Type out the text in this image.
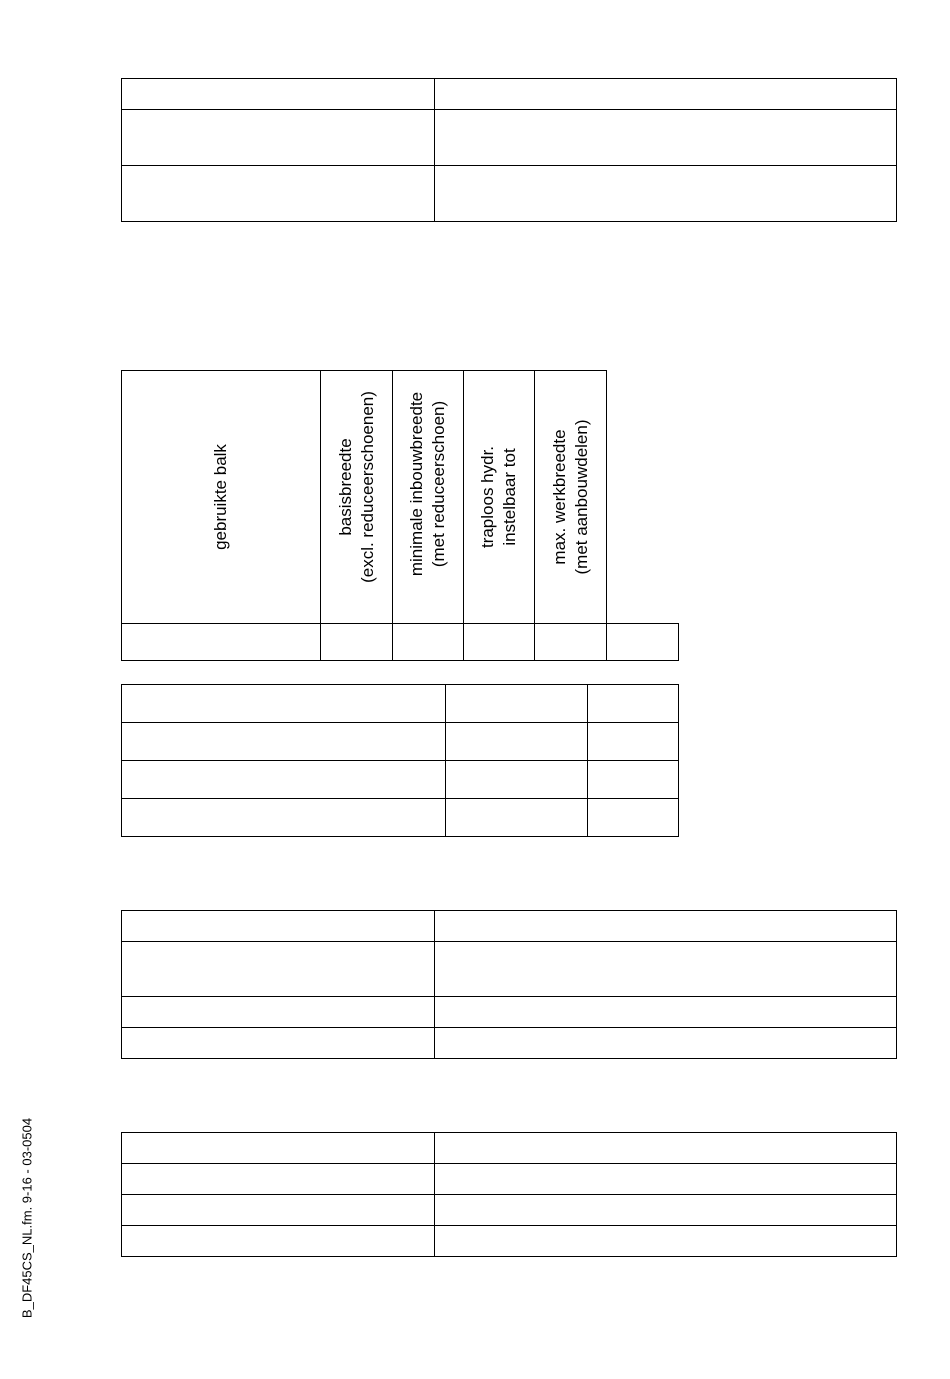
gebruikte balk	basisbreedte (excl. reduceerschoenen)	minimale inbouwbreedte (met reduceerschoen)	traploos hydr. instelbaar tot	max. werkbreedte (met aanbouwdelen)	

B_DF45CS_NL.fm. 9-16 - 03-0504
